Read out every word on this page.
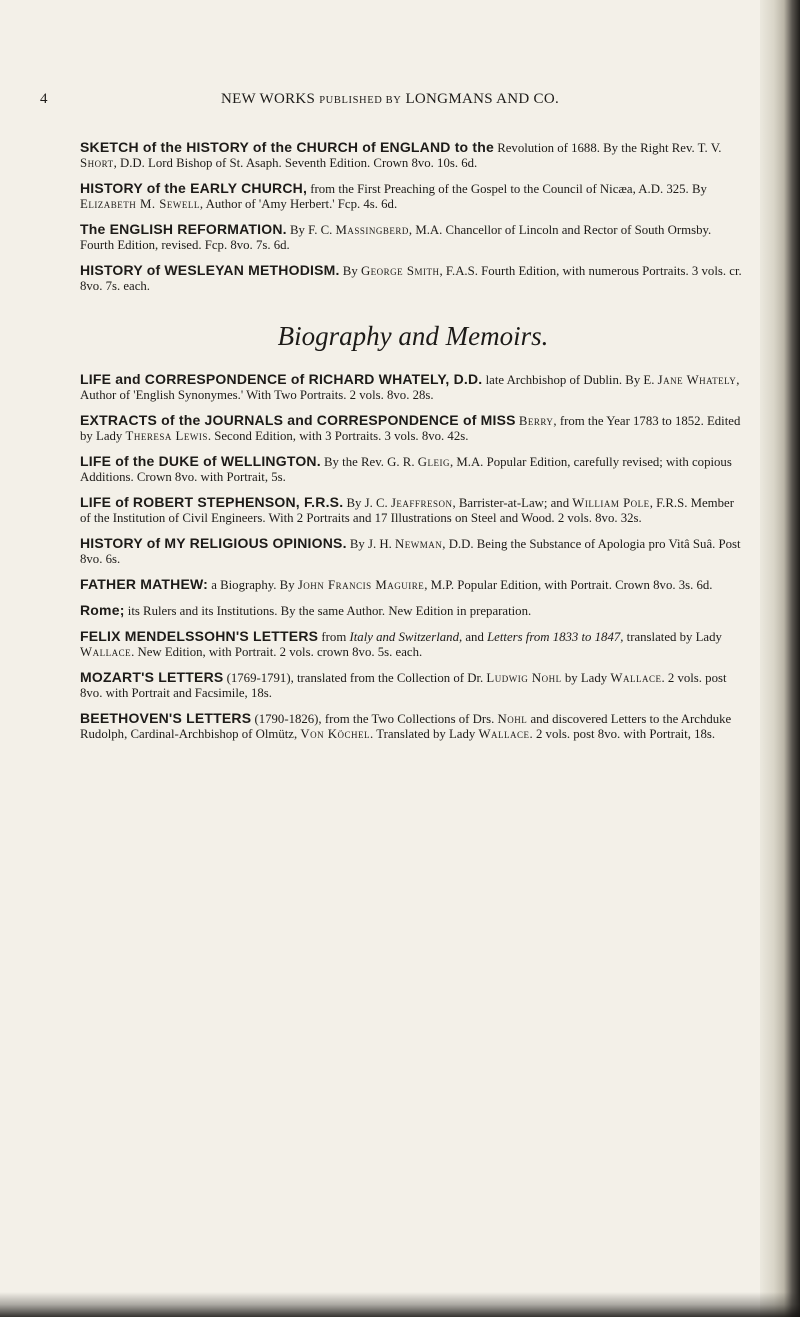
4	NEW WORKS PUBLISHED BY LONGMANS AND CO.

SKETCH of the HISTORY of the CHURCH of ENGLAND to the Revolution of 1688. By the Right Rev. T. V. Short, D.D. Lord Bishop of St. Asaph. Seventh Edition. Crown 8vo. 10s. 6d.

HISTORY of the EARLY CHURCH, from the First Preaching of the Gospel to the Council of Nicæa, A.D. 325. By Elizabeth M. Sewell, Author of 'Amy Herbert.' Fcp. 4s. 6d.

The ENGLISH REFORMATION. By F. C. Massingberd, M.A. Chancellor of Lincoln and Rector of South Ormsby. Fourth Edition, revised. Fcp. 8vo. 7s. 6d.

HISTORY of WESLEYAN METHODISM. By George Smith, F.A.S. Fourth Edition, with numerous Portraits. 3 vols. cr. 8vo. 7s. each.

Biography and Memoirs.

LIFE and CORRESPONDENCE of RICHARD WHATELY, D.D. late Archbishop of Dublin. By E. Jane Whately, Author of 'English Synonymes.' With Two Portraits. 2 vols. 8vo. 28s.

EXTRACTS of the JOURNALS and CORRESPONDENCE of MISS Berry, from the Year 1783 to 1852. Edited by Lady Theresa Lewis. Second Edition, with 3 Portraits. 3 vols. 8vo. 42s.

LIFE of the DUKE of WELLINGTON. By the Rev. G. R. Gleig, M.A. Popular Edition, carefully revised; with copious Additions. Crown 8vo. with Portrait, 5s.

LIFE of ROBERT STEPHENSON, F.R.S. By J. C. Jeaffreson, Barrister-at-Law; and William Pole, F.R.S. Member of the Institution of Civil Engineers. With 2 Portraits and 17 Illustrations on Steel and Wood. 2 vols. 8vo. 32s.

HISTORY of MY RELIGIOUS OPINIONS. By J. H. Newman, D.D. Being the Substance of Apologia pro Vitâ Suâ. Post 8vo. 6s.

FATHER MATHEW: a Biography. By John Francis Maguire, M.P. Popular Edition, with Portrait. Crown 8vo. 3s. 6d.

Rome; its Rulers and its Institutions. By the same Author. New Edition in preparation.

FELIX MENDELSSOHN'S LETTERS from Italy and Switzerland, and Letters from 1833 to 1847, translated by Lady Wallace. New Edition, with Portrait. 2 vols. crown 8vo. 5s. each.

MOZART'S LETTERS (1769-1791), translated from the Collection of Dr. Ludwig Nohl by Lady Wallace. 2 vols. post 8vo. with Portrait and Facsimile, 18s.

BEETHOVEN'S LETTERS (1790-1826), from the Two Collections of Drs. Nohl and discovered Letters to the Archduke Rudolph, Cardinal-Archbishop of Olmütz, Von Köchel. Translated by Lady Wallace. 2 vols. post 8vo. with Portrait, 18s.
